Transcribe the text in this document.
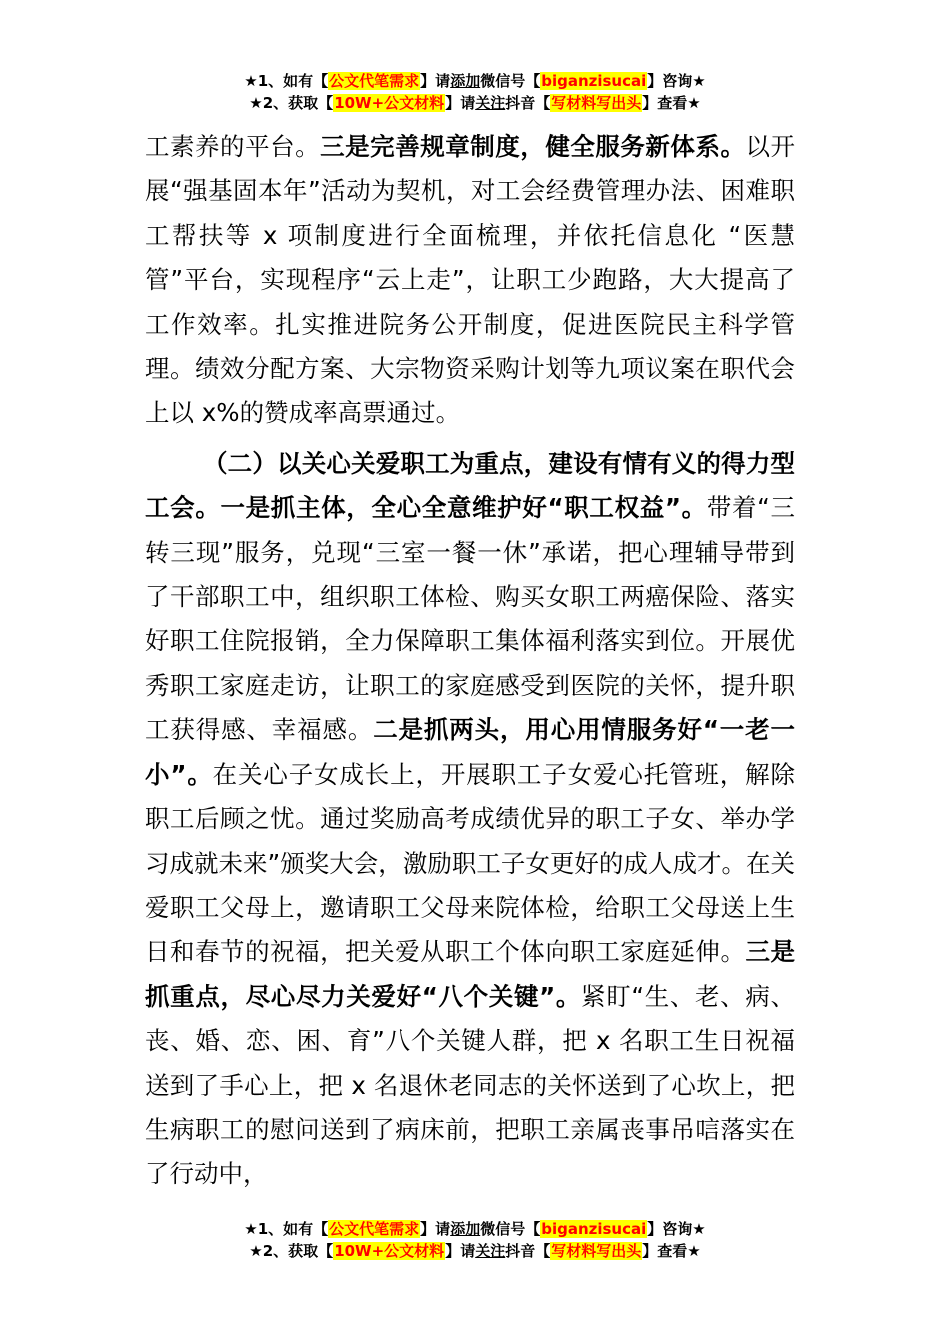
★1、如有【公文代笔需求】请添加微信号【biganzisucai】咨询★
★2、获取【10W+公文材料】请关注抖音【写材料写出头】查看★

工素养的平台。三是完善规章制度，健全服务新体系。以开展“强基固本年”活动为契机，对工会经费管理办法、困难职工帮扶等 x 项制度进行全面梳理，并依托信息化 “医慧管”平台，实现程序“云上走”，让职工少跑路，大大提高了工作效率。扎实推进院务公开制度，促进医院民主科学管理。绩效分配方案、大宗物资采购计划等九项议案在职代会上以 x%的赞成率高票通过。

（二）以关心关爱职工为重点，建设有情有义的得力型工会。一是抓主体，全心全意维护好“职工权益”。带着“三转三现”服务，兑现“三室一餐一休”承诺，把心理辅导带到了干部职工中，组织职工体检、购买女职工两癌保险、落实好职工住院报销，全力保障职工集体福利落实到位。开展优秀职工家庭走访，让职工的家庭感受到医院的关怀，提升职工获得感、幸福感。二是抓两头，用心用情服务好“一老一小”。在关心子女成长上，开展职工子女爱心托管班，解除职工后顾之忧。通过奖励高考成绩优异的职工子女、举办学习成就未来”颁奖大会，激励职工子女更好的成人成才。在关爱职工父母上，邀请职工父母来院体检，给职工父母送上生日和春节的祝福，把关爱从职工个体向职工家庭延伸。三是抓重点，尽心尽力关爱好“八个关键”。紧盯“生、老、病、丧、婚、恋、困、育”八个关键人群，把 x 名职工生日祝福送到了手心上，把 x 名退休老同志的关怀送到了心坎上，把生病职工的慰问送到了病床前，把职工亲属丧事吊唁落实在了行动中，

★1、如有【公文代笔需求】请添加微信号【biganzisucai】咨询★
★2、获取【10W+公文材料】请关注抖音【写材料写出头】查看★
